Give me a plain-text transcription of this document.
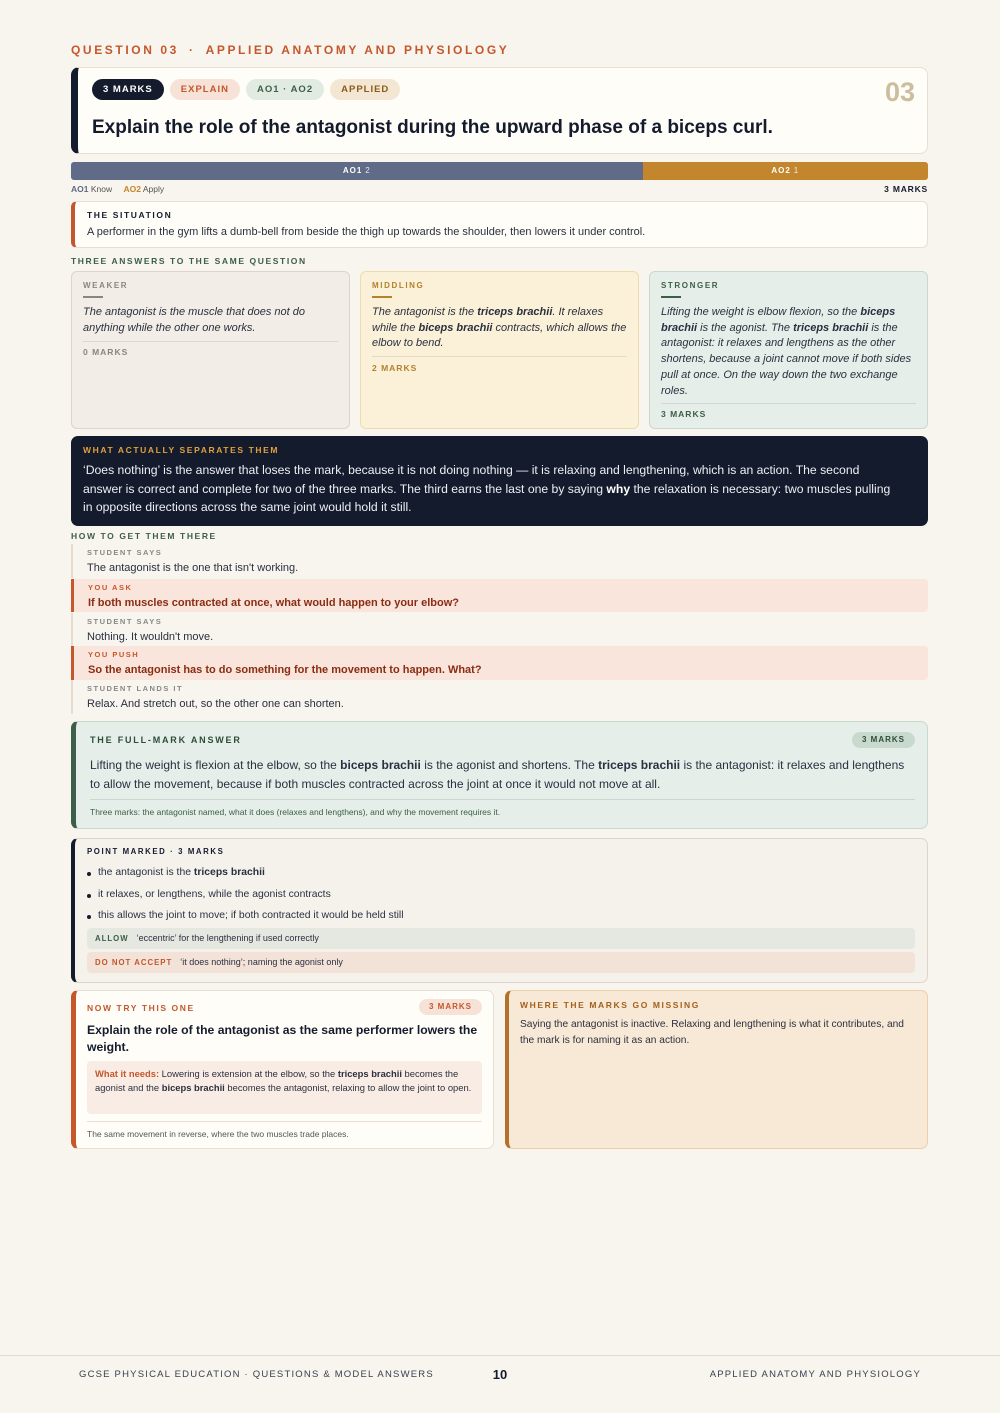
QUESTION 03 · APPLIED ANATOMY AND PHYSIOLOGY
3 MARKS	EXPLAIN	AO1 · AO2	APPLIED	03
Explain the role of the antagonist during the upward phase of a biceps curl.
AO1 2	AO2 1
AO1 Know AO2 Apply	3 MARKS
THE SITUATION
A performer in the gym lifts a dumb-bell from beside the thigh up towards the shoulder, then lowers it under control.
THREE ANSWERS TO THE SAME QUESTION
WEAKER
The antagonist is the muscle that does not do anything while the other one works.
0 MARKS
MIDDLING
The antagonist is the triceps brachii. It relaxes while the biceps brachii contracts, which allows the elbow to bend.
2 MARKS
STRONGER
Lifting the weight is elbow flexion, so the biceps brachii is the agonist. The triceps brachii is the antagonist: it relaxes and lengthens as the other shortens, because a joint cannot move if both sides pull at once. On the way down the two exchange roles.
3 MARKS
WHAT ACTUALLY SEPARATES THEM
‘Does nothing’ is the answer that loses the mark, because it is not doing nothing — it is relaxing and lengthening, which is an action. The second answer is correct and complete for two of the three marks. The third earns the last one by saying why the relaxation is necessary: two muscles pulling in opposite directions across the same joint would hold it still.
HOW TO GET THEM THERE
STUDENT SAYS
The antagonist is the one that isn't working.
YOU ASK
If both muscles contracted at once, what would happen to your elbow?
STUDENT SAYS
Nothing. It wouldn't move.
YOU PUSH
So the antagonist has to do something for the movement to happen. What?
STUDENT LANDS IT
Relax. And stretch out, so the other one can shorten.
THE FULL-MARK ANSWER	3 MARKS
Lifting the weight is flexion at the elbow, so the biceps brachii is the agonist and shortens. The triceps brachii is the antagonist: it relaxes and lengthens to allow the movement, because if both muscles contracted across the joint at once it would not move at all.
Three marks: the antagonist named, what it does (relaxes and lengthens), and why the movement requires it.
POINT MARKED · 3 MARKS
the antagonist is the triceps brachii
it relaxes, or lengthens, while the agonist contracts
this allows the joint to move; if both contracted it would be held still
ALLOW ‘eccentric’ for the lengthening if used correctly
DO NOT ACCEPT ‘it does nothing’; naming the agonist only
NOW TRY THIS ONE	3 MARKS
Explain the role of the antagonist as the same performer lowers the weight.
What it needs: Lowering is extension at the elbow, so the triceps brachii becomes the agonist and the biceps brachii becomes the antagonist, relaxing to allow the joint to open.
The same movement in reverse, where the two muscles trade places.
WHERE THE MARKS GO MISSING
Saying the antagonist is inactive. Relaxing and lengthening is what it contributes, and the mark is for naming it as an action.
GCSE PHYSICAL EDUCATION · QUESTIONS & MODEL ANSWERS	10	APPLIED ANATOMY AND PHYSIOLOGY
